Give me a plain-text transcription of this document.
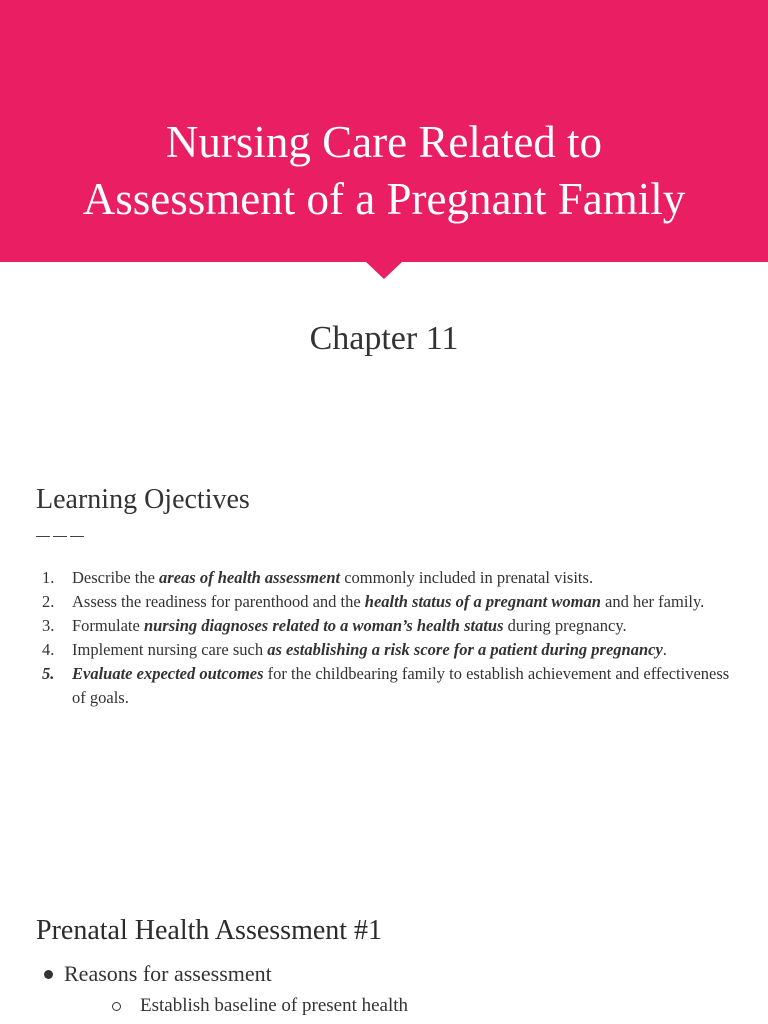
Nursing Care Related to
Assessment of a Pregnant Family
Chapter 11
Learning Ojectives
———
1. Describe the areas of health assessment commonly included in prenatal visits.
2. Assess the readiness for parenthood and the health status of a pregnant woman and her family.
3. Formulate nursing diagnoses related to a woman’s health status during pregnancy.
4. Implement nursing care such as establishing a risk score for a patient during pregnancy.
5. Evaluate expected outcomes for the childbearing family to establish achievement and effectiveness of goals.
Prenatal Health Assessment #1
Reasons for assessment
Establish baseline of present health
